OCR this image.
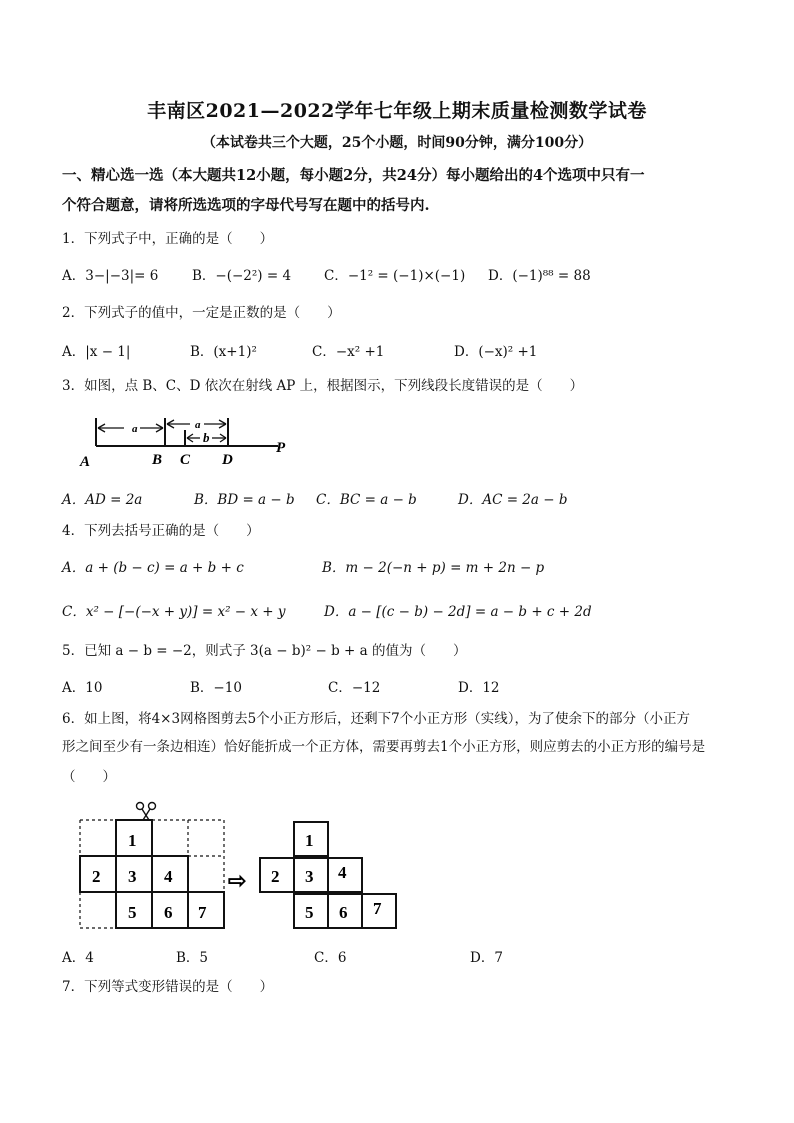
丰南区2021—2022学年七年级上期末质量检测数学试卷
（本试卷共三个大题，25个小题，时间90分钟，满分100分）
一、精心选一选（本大题共12小题，每小题2分，共24分）每小题给出的4个选项中只有一
个符合题意，请将所选选项的字母代号写在题中的括号内.
1．下列式子中，正确的是（　　）
A．3−|−3|= 6 B．−(−2²) = 4 C．−1² = (−1)×(−1) D．(−1)⁸⁸ = 88
2．下列式子的值中，一定是正数的是（　　）
A．|x − 1|	B．(x+1)²	C．−x² +1	D．(−x)² +1
3．如图，点 B、C、D 依次在射线 AP 上，根据图示，下列线段长度错误的是（　　）
a	a
b
A	B C D
P
A．AD = 2a	B．BD = a − b C．BC = a − b	D．AC = 2a − b
4．下列去括号正确的是（　　）
A．a + (b − c) = a + b + c	B．m − 2(−n + p) = m + 2n − p
C．x² − [−(−x + y)] = x² − x + y	D．a − [(c − b) − 2d] = a − b + c + 2d
5．已知 a − b = −2，则式子 3(a − b)² − b + a 的值为（　　）
A．10	B．−10	C．−12	D．12
6．如上图，将4×3网格图剪去5个小正方形后，还剩下7个小正方形（实线），为了使余下的部分（小正方
形之间至少有一条边相连）恰好能折成一个正方体，需要再剪去1个小正方形，则应剪去的小正方形的编号是
（　　）
1
2 3 4
5 6 7
⇨
1
2 3 4
5 6 7
A．4	B．5	C．6	D．7
7．下列等式变形错误的是（　　）
